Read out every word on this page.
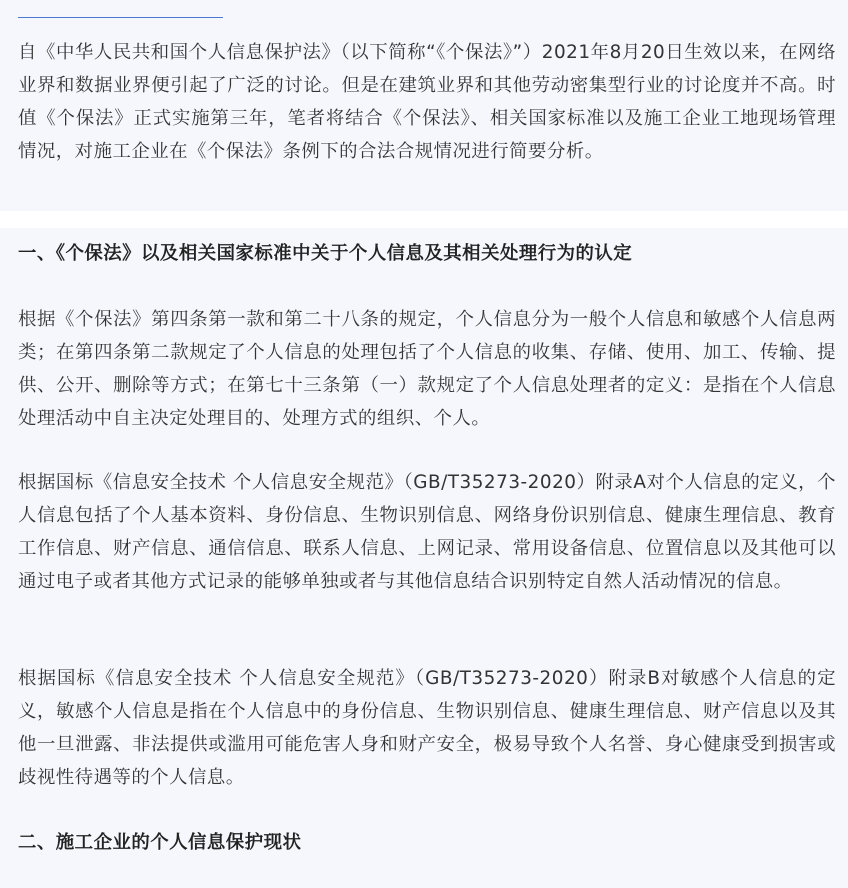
自《中华人民共和国个人信息保护法》（以下简称“《个保法》”）2021年8月20日生效以来，在网络业界和数据业界便引起了广泛的讨论。但是在建筑业界和其他劳动密集型行业的讨论度并不高。时值《个保法》正式实施第三年，笔者将结合《个保法》、相关国家标准以及施工企业工地现场管理情况，对施工企业在《个保法》条例下的合法合规情况进行简要分析。

一、《个保法》以及相关国家标准中关于个人信息及其相关处理行为的认定

根据《个保法》第四条第一款和第二十八条的规定，个人信息分为一般个人信息和敏感个人信息两类；在第四条第二款规定了个人信息的处理包括了个人信息的收集、存储、使用、加工、传输、提供、公开、删除等方式；在第七十三条第（一）款规定了个人信息处理者的定义：是指在个人信息处理活动中自主决定处理目的、处理方式的组织、个人。

根据国标《信息安全技术 个人信息安全规范》（GB/T35273-2020）附录A对个人信息的定义，个人信息包括了个人基本资料、身份信息、生物识别信息、网络身份识别信息、健康生理信息、教育工作信息、财产信息、通信信息、联系人信息、上网记录、常用设备信息、位置信息以及其他可以通过电子或者其他方式记录的能够单独或者与其他信息结合识别特定自然人活动情况的信息。

根据国标《信息安全技术 个人信息安全规范》（GB/T35273-2020）附录B对敏感个人信息的定义，敏感个人信息是指在个人信息中的身份信息、生物识别信息、健康生理信息、财产信息以及其他一旦泄露、非法提供或滥用可能危害人身和财产安全，极易导致个人名誉、身心健康受到损害或歧视性待遇等的个人信息。

二、施工企业的个人信息保护现状
